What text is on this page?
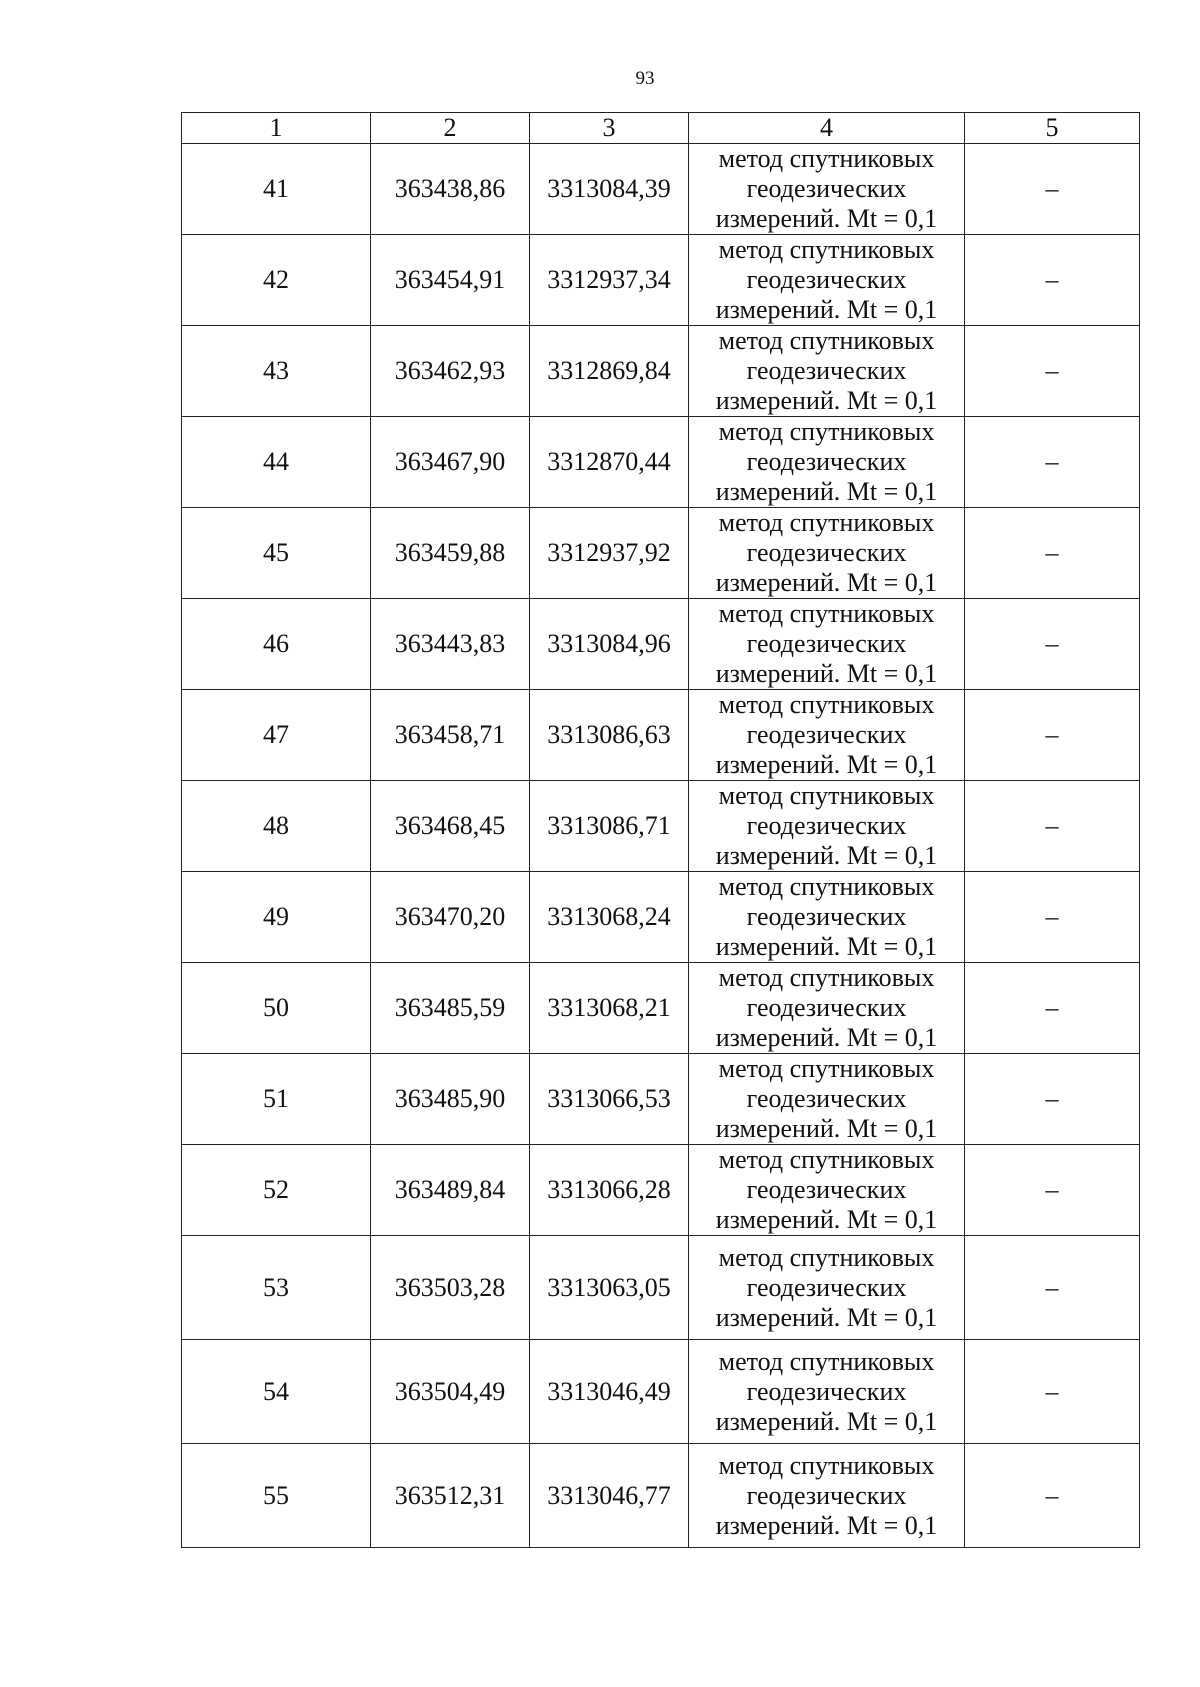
93
1	2	3	4	5
41	363438,86	3313084,39	метод спутниковых
геодезических
измерений. Mt = 0,1	–
42	363454,91	3312937,34	метод спутниковых
геодезических
измерений. Mt = 0,1	–
43	363462,93	3312869,84	метод спутниковых
геодезических
измерений. Mt = 0,1	–
44	363467,90	3312870,44	метод спутниковых
геодезических
измерений. Mt = 0,1	–
45	363459,88	3312937,92	метод спутниковых
геодезических
измерений. Mt = 0,1	–
46	363443,83	3313084,96	метод спутниковых
геодезических
измерений. Mt = 0,1	–
47	363458,71	3313086,63	метод спутниковых
геодезических
измерений. Mt = 0,1	–
48	363468,45	3313086,71	метод спутниковых
геодезических
измерений. Mt = 0,1	–
49	363470,20	3313068,24	метод спутниковых
геодезических
измерений. Mt = 0,1	–
50	363485,59	3313068,21	метод спутниковых
геодезических
измерений. Mt = 0,1	–
51	363485,90	3313066,53	метод спутниковых
геодезических
измерений. Mt = 0,1	–
52	363489,84	3313066,28	метод спутниковых
геодезических
измерений. Mt = 0,1	–
53	363503,28	3313063,05	метод спутниковых
геодезических
измерений. Mt = 0,1	–
54	363504,49	3313046,49	метод спутниковых
геодезических
измерений. Mt = 0,1	–
55	363512,31	3313046,77	метод спутниковых
геодезических
измерений. Mt = 0,1	–
